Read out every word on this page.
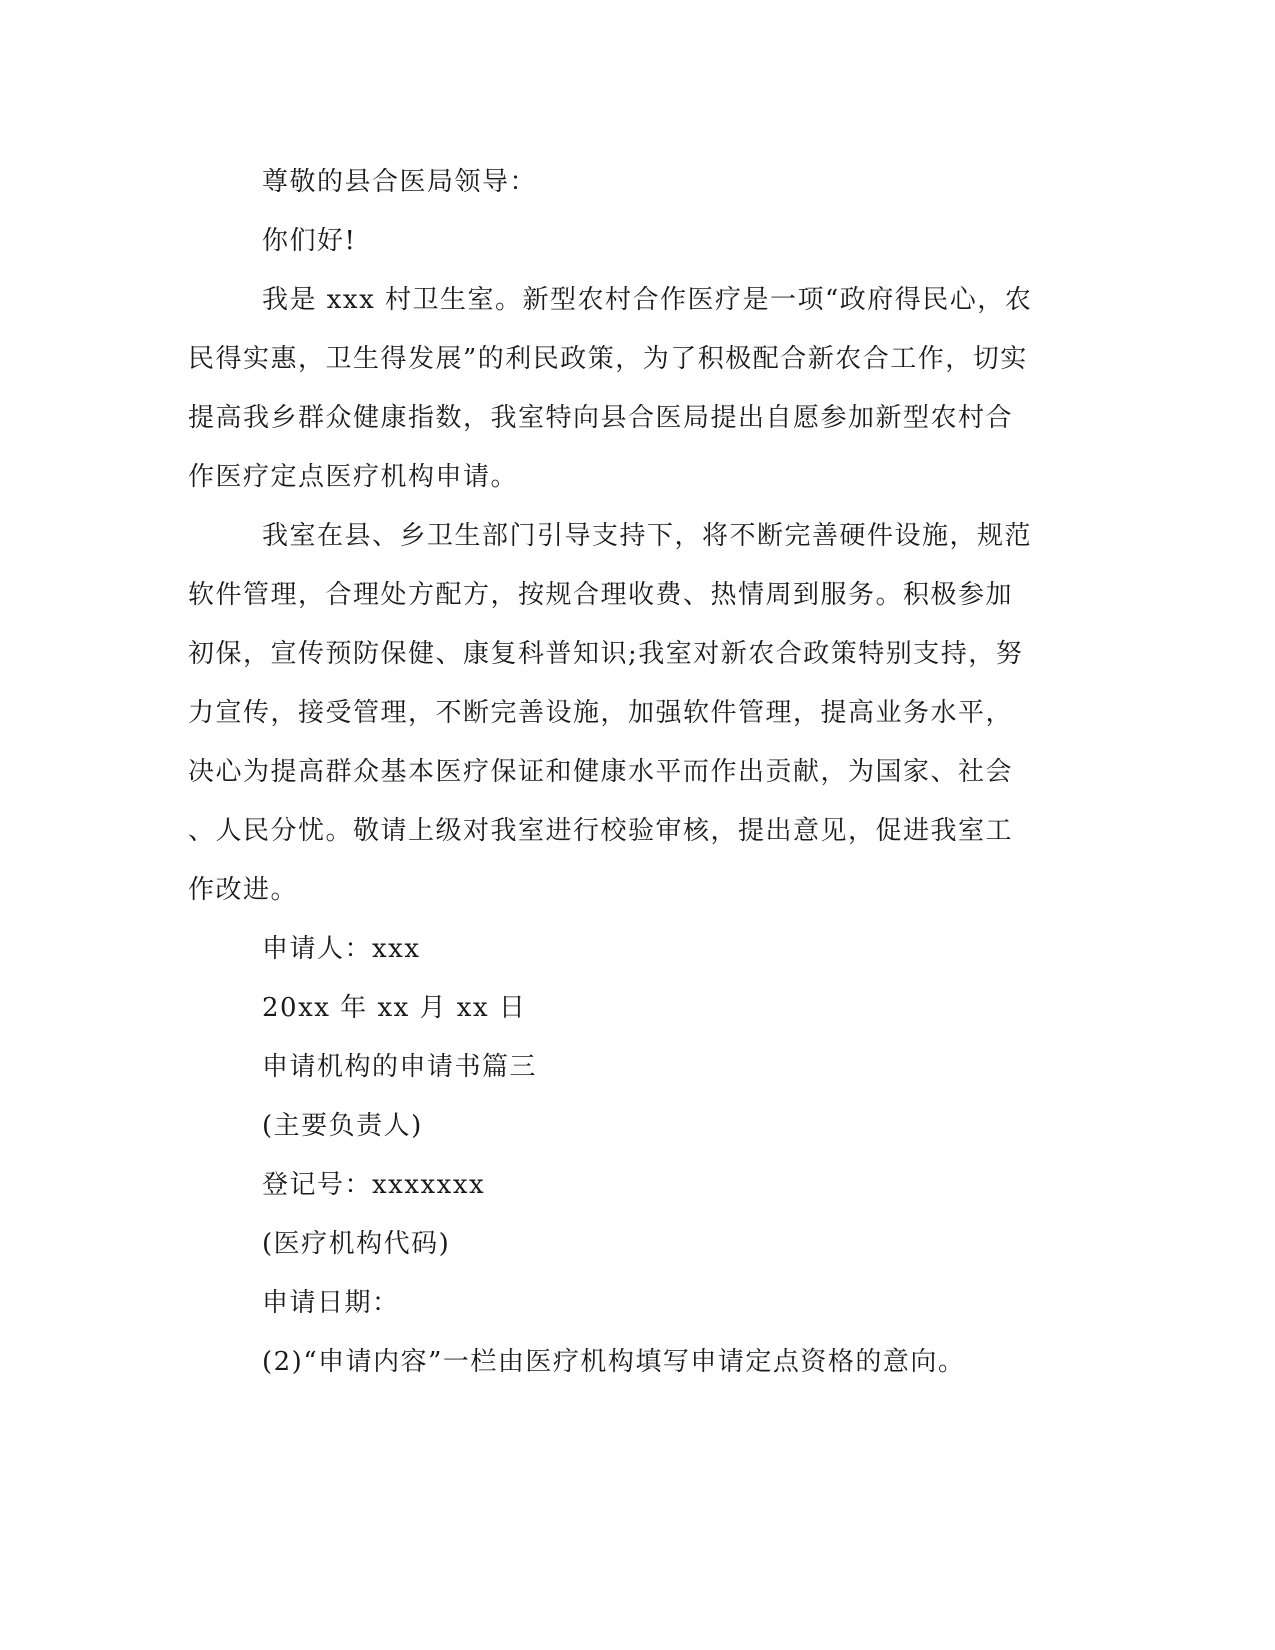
尊敬的县合医局领导：

你们好!

我是 xxx 村卫生室。新型农村合作医疗是一项“政府得民心，农

民得实惠，卫生得发展”的利民政策，为了积极配合新农合工作，切实

提高我乡群众健康指数，我室特向县合医局提出自愿参加新型农村合

作医疗定点医疗机构申请。

我室在县、乡卫生部门引导支持下，将不断完善硬件设施，规范

软件管理，合理处方配方，按规合理收费、热情周到服务。积极参加

初保，宣传预防保健、康复科普知识;我室对新农合政策特别支持，努

力宣传，接受管理，不断完善设施，加强软件管理，提高业务水平，

决心为提高群众基本医疗保证和健康水平而作出贡献，为国家、社会

、人民分忧。敬请上级对我室进行校验审核，提出意见，促进我室工

作改进。

申请人：xxx

20xx 年 xx 月 xx 日

申请机构的申请书篇三

(主要负责人)

登记号：xxxxxxx

(医疗机构代码)

申请日期：

(2)“申请内容”一栏由医疗机构填写申请定点资格的意向。
